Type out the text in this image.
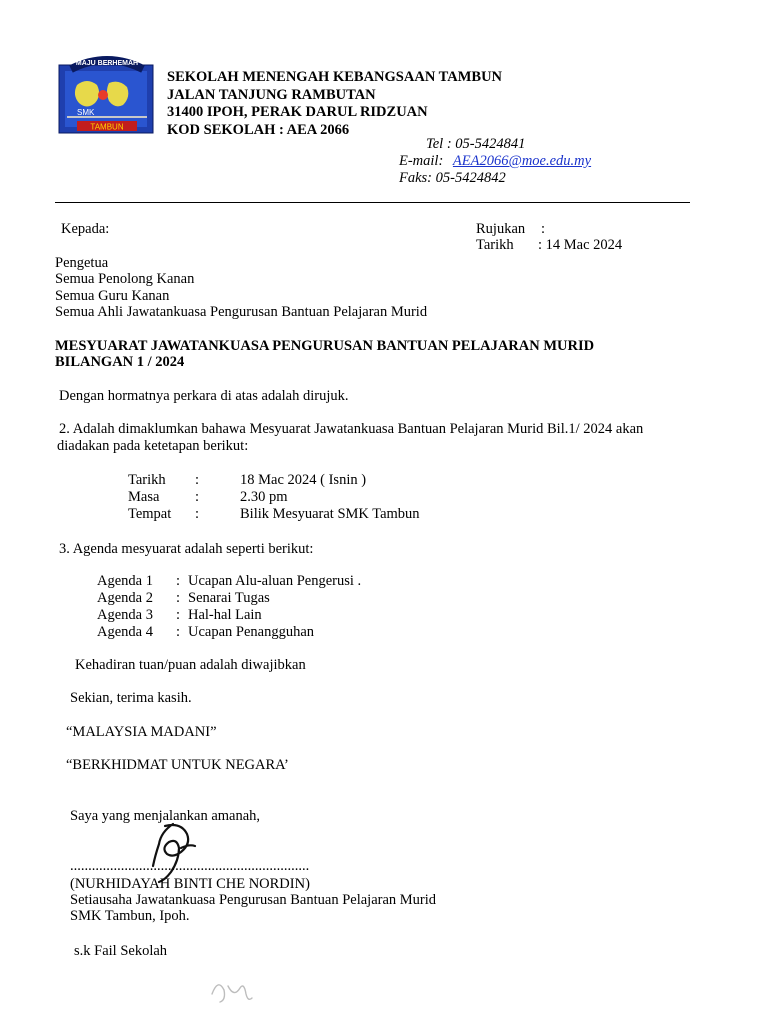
MAJU BERHEMAH
SMK
TAMBUN
SEKOLAH MENENGAH KEBANGSAAN TAMBUN
JALAN TANJUNG RAMBUTAN
31400 IPOH, PERAK DARUL RIDZUAN
KOD SEKOLAH : AEA 2066
Tel : 05-5424841
E-mail: AEA2066@moe.edu.my
Faks: 05-5424842
Kepada:	Rujukan :
Tarikh : 14 Mac 2024
Pengetua
Semua Penolong Kanan
Semua Guru Kanan
Semua Ahli Jawatankuasa Pengurusan Bantuan Pelajaran Murid
MESYUARAT JAWATANKUASA PENGURUSAN BANTUAN PELAJARAN MURID
BILANGAN 1 / 2024
Dengan hormatnya perkara di atas adalah dirujuk.
2. Adalah dimaklumkan bahawa Mesyuarat Jawatankuasa Bantuan Pelajaran Murid Bil.1/ 2024 akan
diadakan pada ketetapan berikut:
Tarikh :	18 Mac 2024 ( Isnin )
Masa :	2.30 pm
Tempat :	Bilik Mesyuarat SMK Tambun
3. Agenda mesyuarat adalah seperti berikut:
Agenda 1 : Ucapan Alu-aluan Pengerusi .
Agenda 2 : Senarai Tugas
Agenda 3 : Hal-hal Lain
Agenda 4 : Ucapan Penangguhan
Kehadiran tuan/puan adalah diwajibkan
Sekian, terima kasih.
“MALAYSIA MADANI”
“BERKHIDMAT UNTUK NEGARA’
Saya yang menjalankan amanah,
..................................................................
(NURHIDAYAH BINTI CHE NORDIN)
Setiausaha Jawatankuasa Pengurusan Bantuan Pelajaran Murid
SMK Tambun, Ipoh.
s.k Fail Sekolah
